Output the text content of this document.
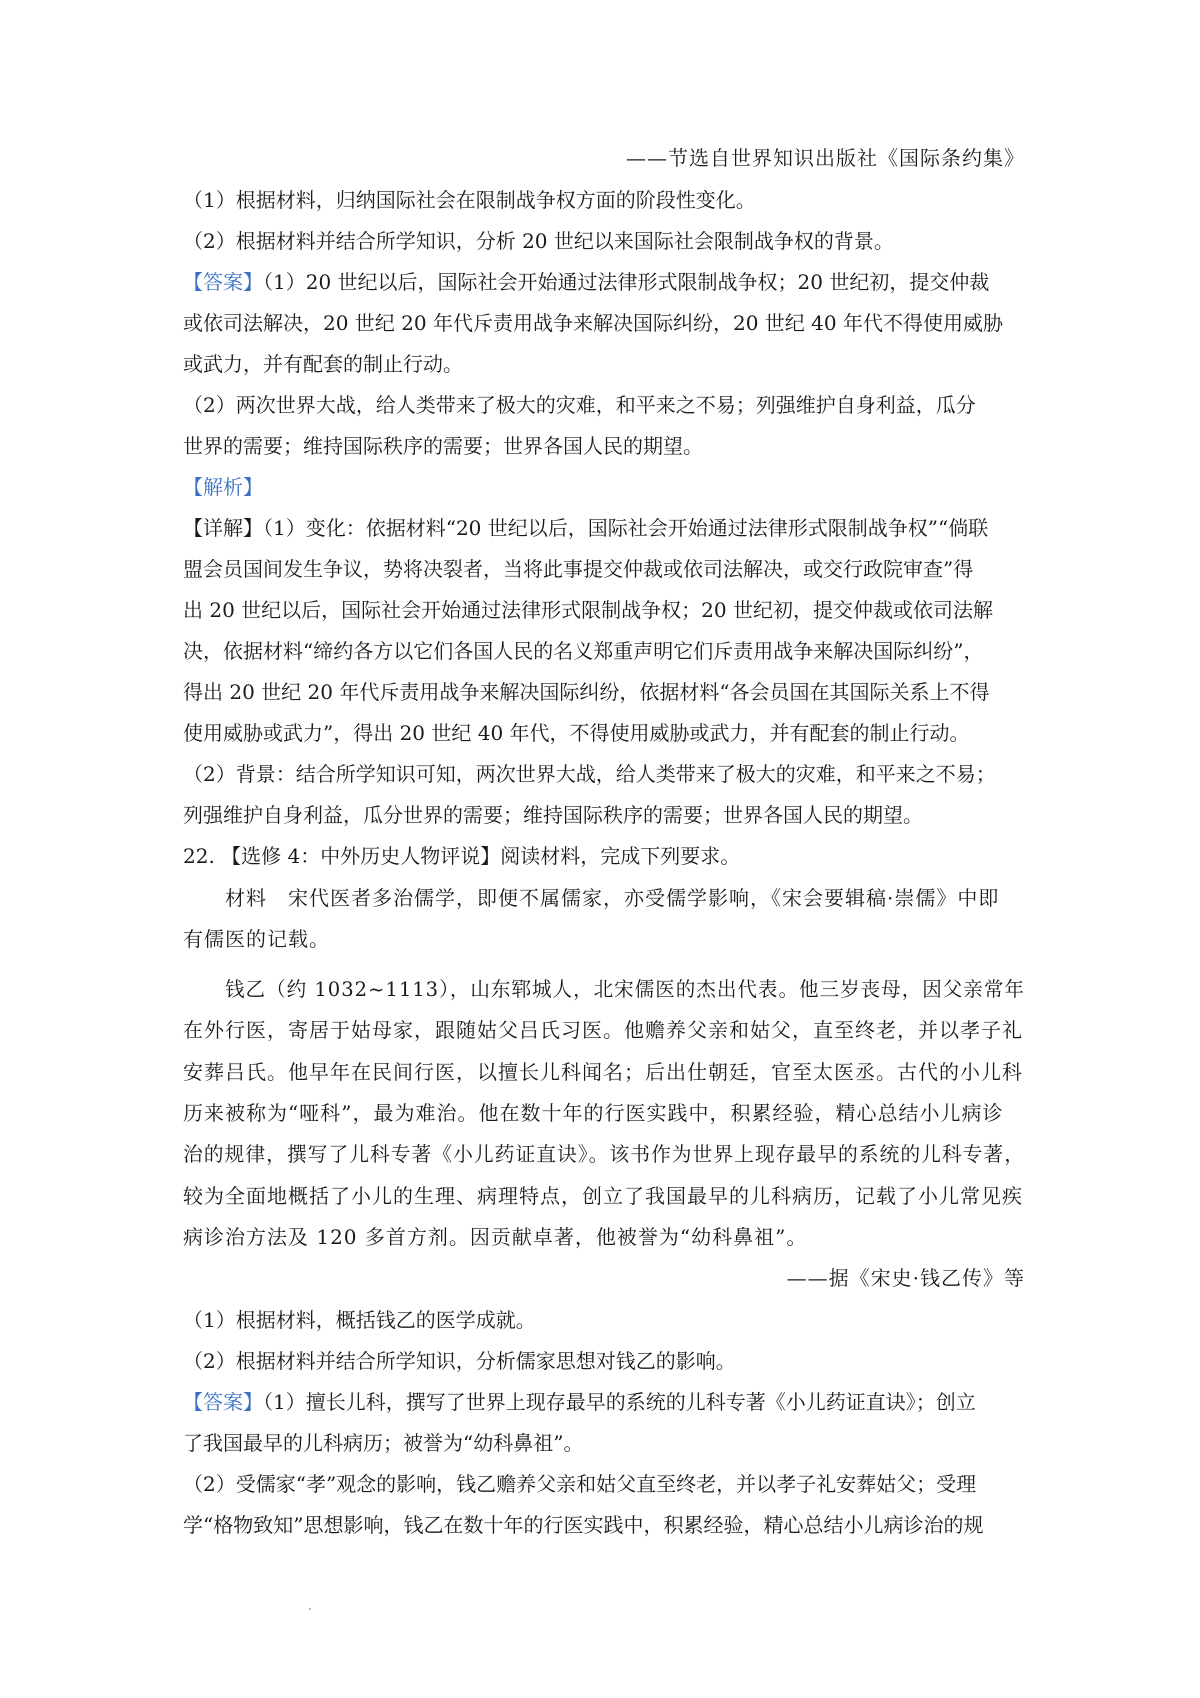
——节选自世界知识出版社《国际条约集》
（1）根据材料，归纳国际社会在限制战争权方面的阶段性变化。
（2）根据材料并结合所学知识，分析 20 世纪以来国际社会限制战争权的背景。
【答案】（1）20 世纪以后，国际社会开始通过法律形式限制战争权；20 世纪初，提交仲裁
或依司法解决，20 世纪 20 年代斥责用战争来解决国际纠纷，20 世纪 40 年代不得使用威胁
或武力，并有配套的制止行动。
（2）两次世界大战，给人类带来了极大的灾难，和平来之不易；列强维护自身利益，瓜分
世界的需要；维持国际秩序的需要；世界各国人民的期望。
【解析】
【详解】（1）变化：依据材料“20 世纪以后，国际社会开始通过法律形式限制战争权”“倘联
盟会员国间发生争议，势将决裂者，当将此事提交仲裁或依司法解决，或交行政院审查”得
出 20 世纪以后，国际社会开始通过法律形式限制战争权；20 世纪初，提交仲裁或依司法解
决，依据材料“缔约各方以它们各国人民的名义郑重声明它们斥责用战争来解决国际纠纷”，
得出 20 世纪 20 年代斥责用战争来解决国际纠纷，依据材料“各会员国在其国际关系上不得
使用威胁或武力”，得出 20 世纪 40 年代，不得使用威胁或武力，并有配套的制止行动。
（2）背景：结合所学知识可知，两次世界大战，给人类带来了极大的灾难，和平来之不易；
列强维护自身利益，瓜分世界的需要；维持国际秩序的需要；世界各国人民的期望。
22. 【选修 4：中外历史人物评说】阅读材料，完成下列要求。
材料　宋代医者多治儒学，即便不属儒家，亦受儒学影响，《宋会要辑稿·崇儒》中即
有儒医的记载。
钱乙（约 1032~1113），山东郓城人，北宋儒医的杰出代表。他三岁丧母，因父亲常年
在外行医，寄居于姑母家，跟随姑父吕氏习医。他赡养父亲和姑父，直至终老，并以孝子礼
安葬吕氏。他早年在民间行医，以擅长儿科闻名；后出仕朝廷，官至太医丞。古代的小儿科
历来被称为“哑科”，最为难治。他在数十年的行医实践中，积累经验，精心总结小儿病诊
治的规律，撰写了儿科专著《小儿药证直诀》。该书作为世界上现存最早的系统的儿科专著，
较为全面地概括了小儿的生理、病理特点，创立了我国最早的儿科病历，记载了小儿常见疾
病诊治方法及 120 多首方剂。因贡献卓著，他被誉为“幼科鼻祖”。
——据《宋史·钱乙传》等
（1）根据材料，概括钱乙的医学成就。
（2）根据材料并结合所学知识，分析儒家思想对钱乙的影响。
【答案】（1）擅长儿科，撰写了世界上现存最早的系统的儿科专著《小儿药证直诀》；创立
了我国最早的儿科病历；被誉为“幼科鼻祖”。
（2）受儒家“孝”观念的影响，钱乙赡养父亲和姑父直至终老，并以孝子礼安葬姑父；受理
学“格物致知”思想影响，钱乙在数十年的行医实践中，积累经验，精心总结小儿病诊治的规
